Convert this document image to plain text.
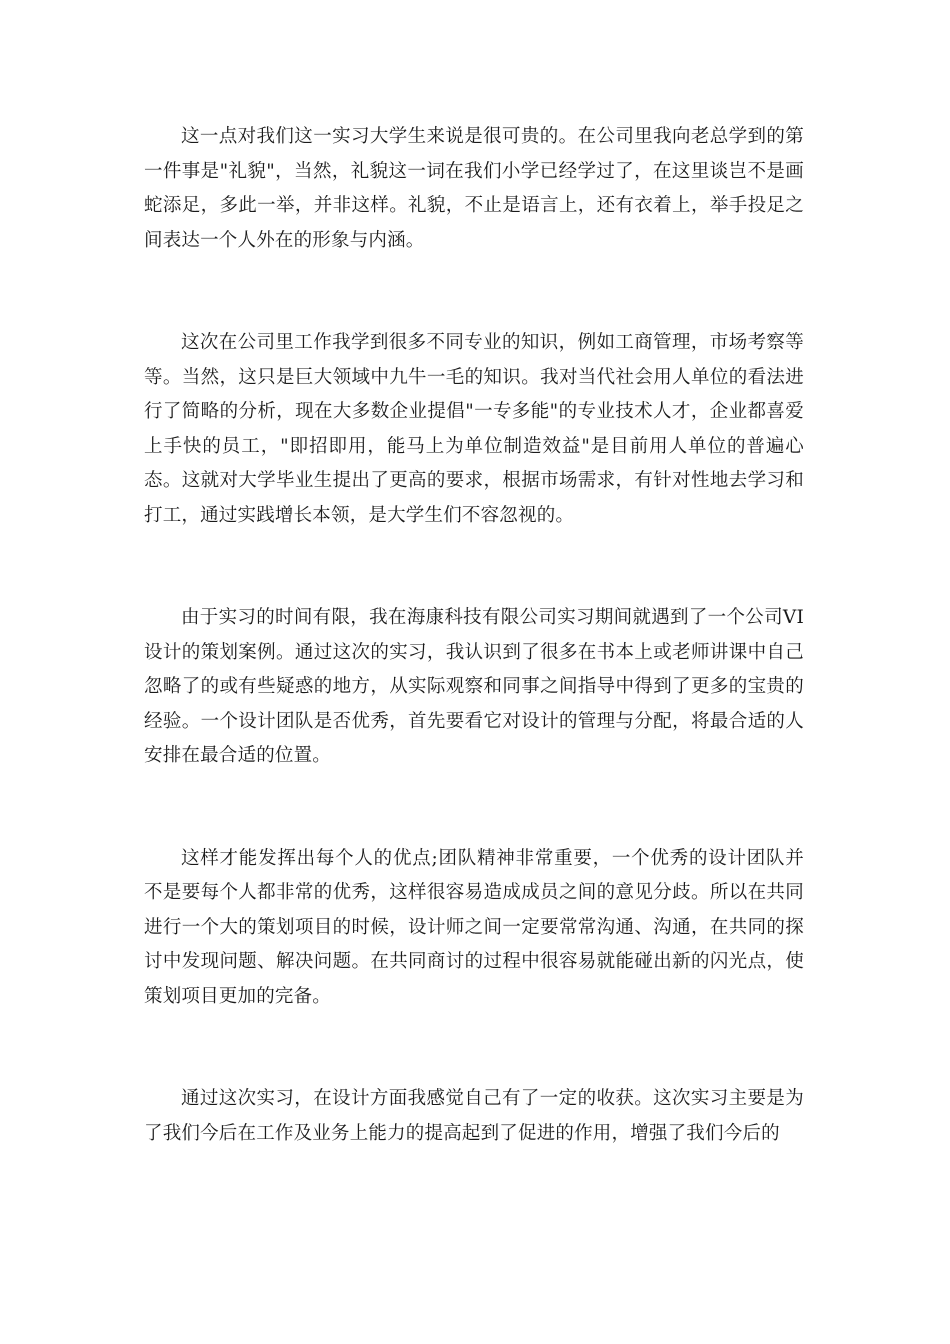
这一点对我们这一实习大学生来说是很可贵的。在公司里我向老总学到的第一件事是"礼貌"，当然，礼貌这一词在我们小学已经学过了，在这里谈岂不是画蛇添足，多此一举，并非这样。礼貌，不止是语言上，还有衣着上，举手投足之间表达一个人外在的形象与内涵。

这次在公司里工作我学到很多不同专业的知识，例如工商管理，市场考察等等。当然，这只是巨大领域中九牛一毛的知识。我对当代社会用人单位的看法进行了简略的分析，现在大多数企业提倡"一专多能"的专业技术人才，企业都喜爱上手快的员工，"即招即用，能马上为单位制造效益"是目前用人单位的普遍心态。这就对大学毕业生提出了更高的要求，根据市场需求，有针对性地去学习和打工，通过实践增长本领，是大学生们不容忽视的。

由于实习的时间有限，我在海康科技有限公司实习期间就遇到了一个公司VI设计的策划案例。通过这次的实习，我认识到了很多在书本上或老师讲课中自己忽略了的或有些疑惑的地方，从实际观察和同事之间指导中得到了更多的宝贵的经验。一个设计团队是否优秀，首先要看它对设计的管理与分配，将最合适的人安排在最合适的位置。

这样才能发挥出每个人的优点;团队精神非常重要，一个优秀的设计团队并不是要每个人都非常的优秀，这样很容易造成成员之间的意见分歧。所以在共同进行一个大的策划项目的时候，设计师之间一定要常常沟通、沟通，在共同的探讨中发现问题、解决问题。在共同商讨的过程中很容易就能碰出新的闪光点，使策划项目更加的完备。

通过这次实习，在设计方面我感觉自己有了一定的收获。这次实习主要是为了我们今后在工作及业务上能力的提高起到了促进的作用，增强了我们今后的
